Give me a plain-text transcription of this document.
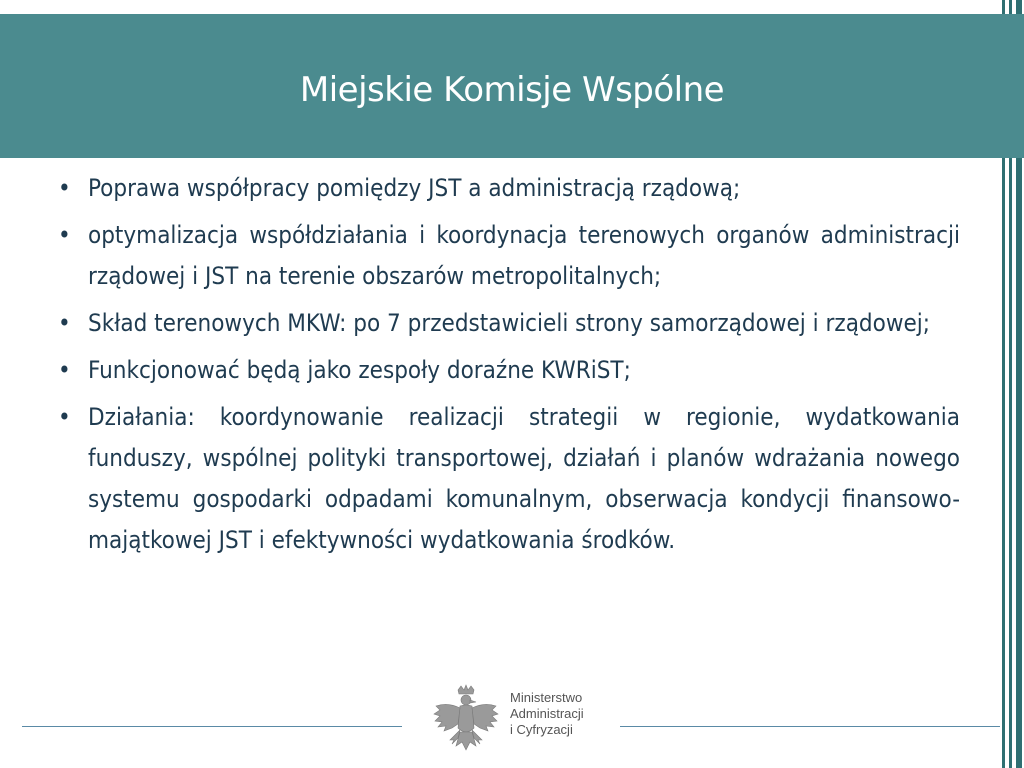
Miejskie Komisje Wspólne
• Poprawa współpracy pomiędzy JST a administracją rządową;
• optymalizacja współdziałania i koordynacja terenowych organów administracji rządowej i JST na terenie obszarów metropolitalnych;
• Skład terenowych MKW: po 7 przedstawicieli strony samorządowej i rządowej;
• Funkcjonować będą jako zespoły doraźne KWRiST;
• Działania: koordynowanie realizacji strategii w regionie, wydatkowania funduszy, wspólnej polityki transportowej, działań i planów wdrażania nowego systemu gospodarki odpadami komunalnym, obserwacja kondycji finansowo-majątkowej JST i efektywności wydatkowania środków.
Ministerstwo
Administracji
i Cyfryzacji
